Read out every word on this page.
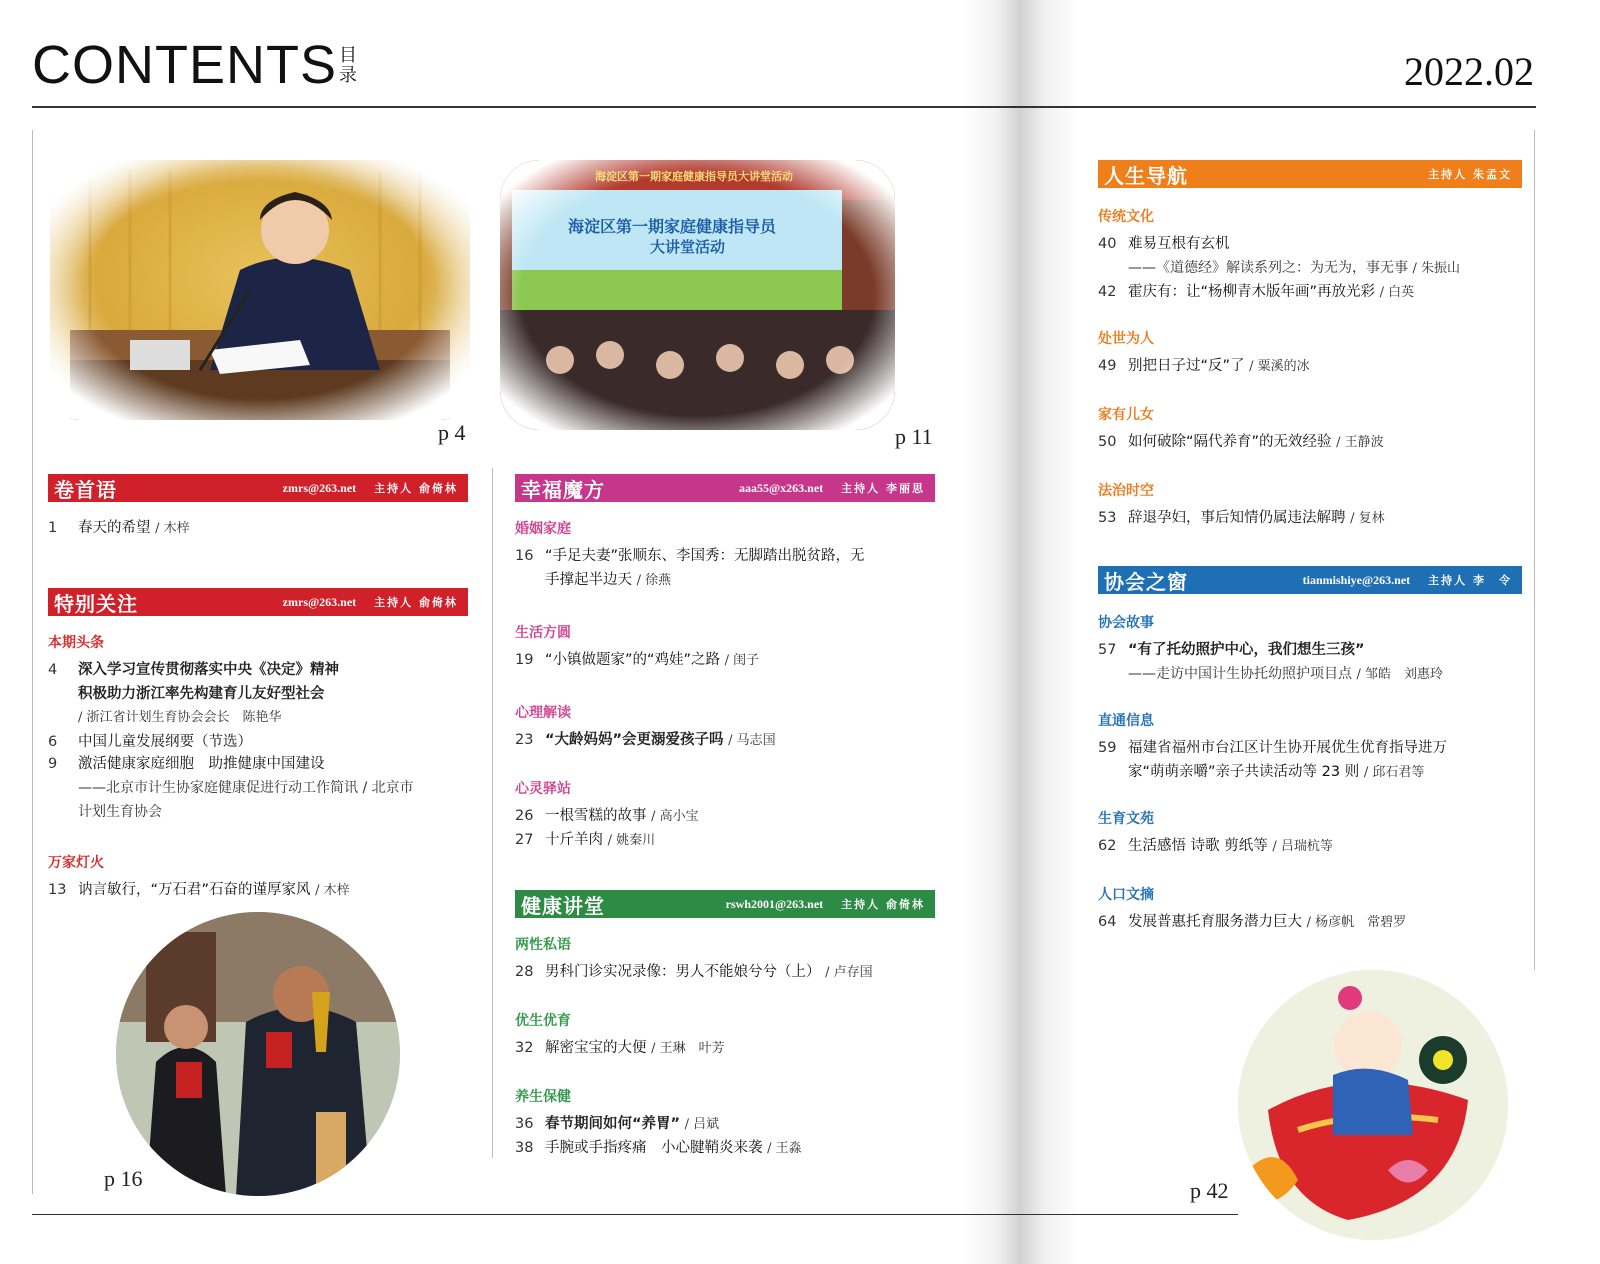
CONTENTS 目录	2022.02
p 4
海淀区第一期家庭健康指导员大讲堂活动
海淀区第一期家庭健康指导员
大讲堂活动
p 11
p 16	p 42
卷首语	zmrs@263.net 主持人 俞倚林
1 春天的希望 / 木梓
特别关注	zmrs@263.net 主持人 俞倚林
本期头条
4 深入学习宣传贯彻落实中央《决定》精神
积极助力浙江率先构建育儿友好型社会
/ 浙江省计划生育协会会长　陈艳华
6 中国儿童发展纲要（节选）
9 激活健康家庭细胞　助推健康中国建设
——北京市计生协家庭健康促进行动工作简讯 / 北京市
计划生育协会
万家灯火
13 讷言敏行，“万石君”石奋的谨厚家风 / 木梓
幸福魔方	aaa55@x263.net 主持人 李丽思
婚姻家庭
16 “手足夫妻”张顺东、李国秀：无脚踏出脱贫路，无
手撑起半边天 / 徐燕
生活方圆
19 “小镇做题家”的“鸡娃”之路 / 闺子
心理解读
23 “大龄妈妈”会更溺爱孩子吗 / 马志国
心灵驿站
26 一根雪糕的故事 / 高小宝
27 十斤羊肉 / 姚秦川
健康讲堂	rswh2001@263.net 主持人 俞倚林
两性私语
28 男科门诊实况录像：男人不能娘兮兮（上） / 卢存国
优生优育
32 解密宝宝的大便 / 王琳　叶芳
养生保健
36 春节期间如何“养胃” / 吕斌
38 手腕或手指疼痛　小心腱鞘炎来袭 / 王淼
人生导航	主持人 朱孟文
传统文化
40 难易互根有玄机
——《道德经》解读系列之：为无为，事无事 / 朱振山
42 霍庆有：让“杨柳青木版年画”再放光彩 / 白英
处世为人
49 别把日子过“反”了 / 粟溪的冰
家有儿女
50 如何破除“隔代养育”的无效经验 / 王静波
法治时空
53 辞退孕妇，事后知情仍属违法解聘 / 复林
协会之窗	tianmishiye@263.net 主持人 李　令
协会故事
57 “有了托幼照护中心，我们想生三孩”
——走访中国计生协托幼照护项目点 / 邹皓　刘惠玲
直通信息
59 福建省福州市台江区计生协开展优生优育指导进万
家“萌萌亲嚼”亲子共读活动等 23 则 / 邱石君等
生育文苑
62 生活感悟 诗歌 剪纸等 / 吕瑞杭等
人口文摘
64 发展普惠托育服务潜力巨大 / 杨彦帆　常碧罗
